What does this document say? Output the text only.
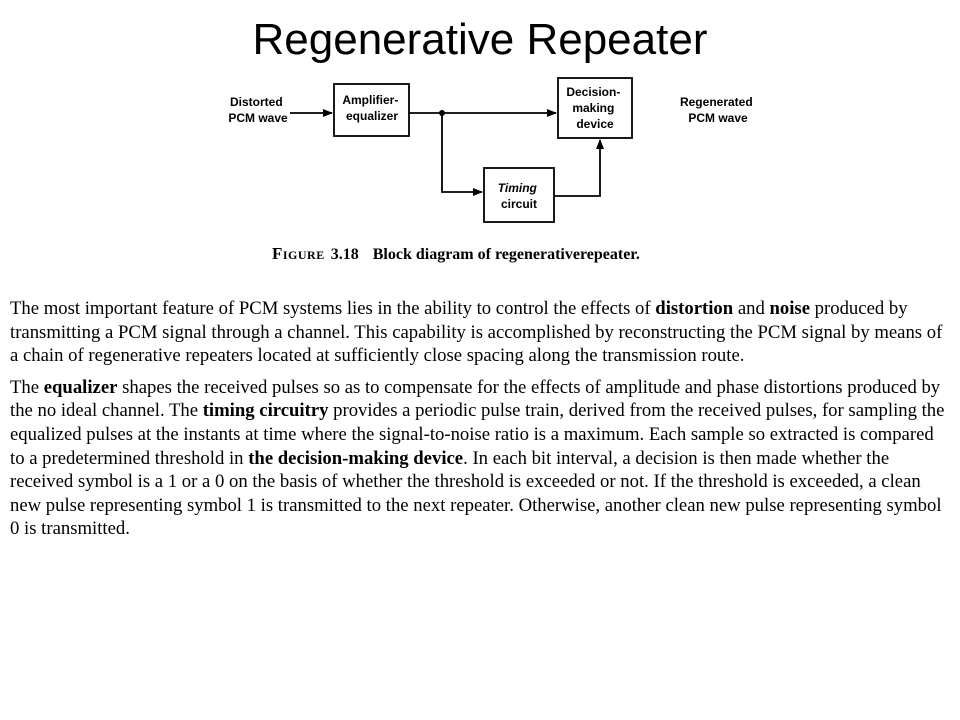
Regenerative Repeater
Distorted PCM wave
Amplifier- equalizer
Decision- making device
Timing circuit
Regenerated PCM wave
Figure 3.18 Block diagram of regenerativerepeater.

The most important feature of PCM systems lies in the ability to control the effects of distortion and noise produced by transmitting a PCM signal through a channel. This capability is accomplished by reconstructing the PCM signal by means of a chain of regenerative repeaters located at sufficiently close spacing along the transmission route.

The equalizer shapes the received pulses so as to compensate for the effects of amplitude and phase distortions produced by the no ideal channel. The timing circuitry provides a periodic pulse train, derived from the received pulses, for sampling the equalized pulses at the instants at time where the signal-to-noise ratio is a maximum. Each sample so extracted is compared to a predetermined threshold in the decision-making device. In each bit interval, a decision is then made whether the received symbol is a 1 or a 0 on the basis of whether the threshold is exceeded or not. If the threshold is exceeded, a clean new pulse representing symbol 1 is transmitted to the next repeater. Otherwise, another clean new pulse representing symbol 0 is transmitted.
